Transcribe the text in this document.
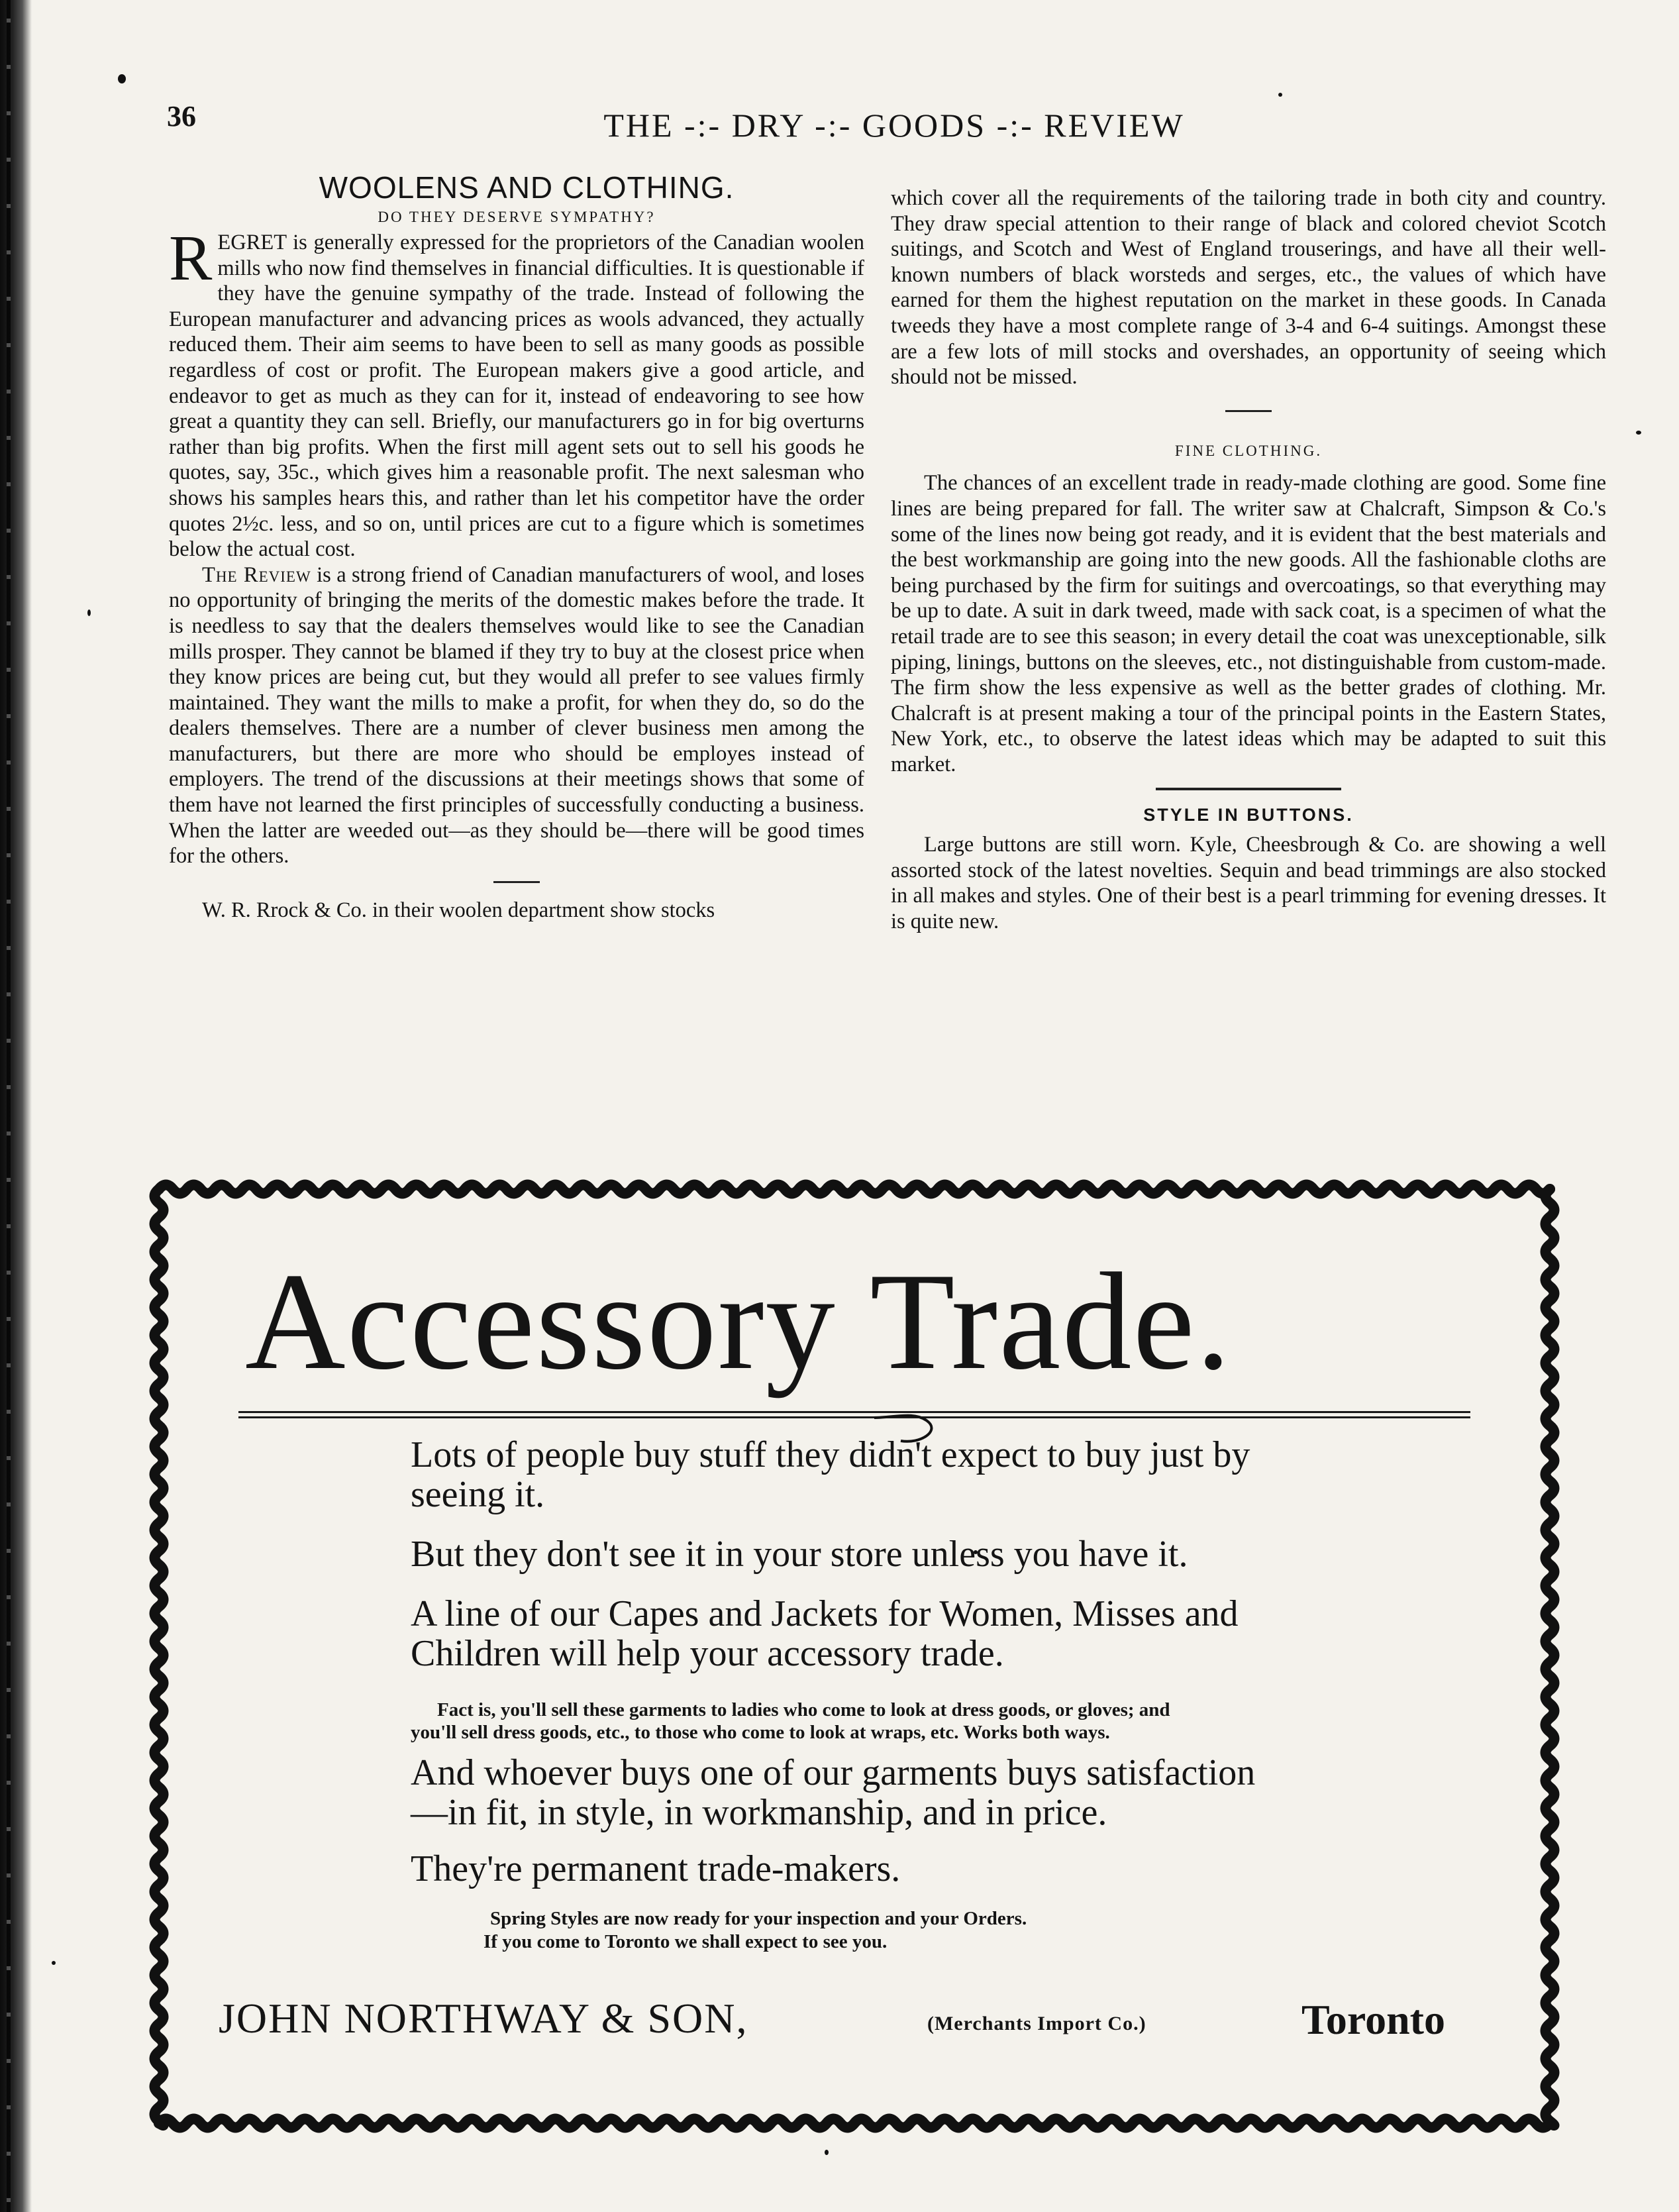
36	THE -:- DRY -:- GOODS -:- REVIEW
WOOLENS AND CLOTHING.
DO THEY DESERVE SYMPATHY?

REGRET is generally expressed for the proprietors of the Canadian woolen mills who now find themselves in financial difficulties. It is questionable if they have the genuine sympathy of the trade. Instead of following the European manufacturer and advancing prices as wools advanced, they actually reduced them. Their aim seems to have been to sell as many goods as possible regardless of cost or profit. The European makers give a good article, and endeavor to get as much as they can for it, instead of endeavoring to see how great a quantity they can sell. Briefly, our manufacturers go in for big overturns rather than big profits. When the first mill agent sets out to sell his goods he quotes, say, 35c., which gives him a reasonable profit. The next salesman who shows his samples hears this, and rather than let his competitor have the order quotes 2½c. less, and so on, until prices are cut to a figure which is sometimes below the actual cost.

The Review is a strong friend of Canadian manufacturers of wool, and loses no opportunity of bringing the merits of the domestic makes before the trade. It is needless to say that the dealers themselves would like to see the Canadian mills prosper. They cannot be blamed if they try to buy at the closest price when they know prices are being cut, but they would all prefer to see values firmly maintained. They want the mills to make a profit, for when they do, so do the dealers themselves. There are a number of clever business men among the manufacturers, but there are more who should be employes instead of employers. The trend of the discussions at their meetings shows that some of them have not learned the first principles of successfully conducting a business. When the latter are weeded out—as they should be—there will be good times for the others.

W. R. Rrock & Co. in their woolen department show stocks

which cover all the requirements of the tailoring trade in both city and country. They draw special attention to their range of black and colored cheviot Scotch suitings, and Scotch and West of England trouserings, and have all their well-known numbers of black worsteds and serges, etc., the values of which have earned for them the highest reputation on the market in these goods. In Canada tweeds they have a most complete range of 3-4 and 6-4 suitings. Amongst these are a few lots of mill stocks and overshades, an opportunity of seeing which should not be missed.

FINE CLOTHING.

The chances of an excellent trade in ready-made clothing are good. Some fine lines are being prepared for fall. The writer saw at Chalcraft, Simpson & Co.'s some of the lines now being got ready, and it is evident that the best materials and the best workmanship are going into the new goods. All the fashionable cloths are being purchased by the firm for suitings and overcoatings, so that everything may be up to date. A suit in dark tweed, made with sack coat, is a specimen of what the retail trade are to see this season; in every detail the coat was unexceptionable, silk piping, linings, buttons on the sleeves, etc., not distinguishable from custom-made. The firm show the less expensive as well as the better grades of clothing. Mr. Chalcraft is at present making a tour of the principal points in the Eastern States, New York, etc., to observe the latest ideas which may be adapted to suit this market.

STYLE IN BUTTONS.

Large buttons are still worn. Kyle, Cheesbrough & Co. are showing a well assorted stock of the latest novelties. Sequin and bead trimmings are also stocked in all makes and styles. One of their best is a pearl trimming for evening dresses. It is quite new.

Accessory Trade.
Lots of people buy stuff they didn't expect to buy just by
seeing it.
But they don't see it in your store unless you have it.
A line of our Capes and Jackets for Women, Misses and
Children will help your accessory trade.
Fact is, you'll sell these garments to ladies who come to look at dress goods, or gloves; and
you'll sell dress goods, etc., to those who come to look at wraps, etc. Works both ways.
And whoever buys one of our garments buys satisfaction
—in fit, in style, in workmanship, and in price.
They're permanent trade-makers.
Spring Styles are now ready for your inspection and your Orders.
If you come to Toronto we shall expect to see you.
JOHN NORTHWAY & SON,	(Merchants Import Co.)	Toronto
